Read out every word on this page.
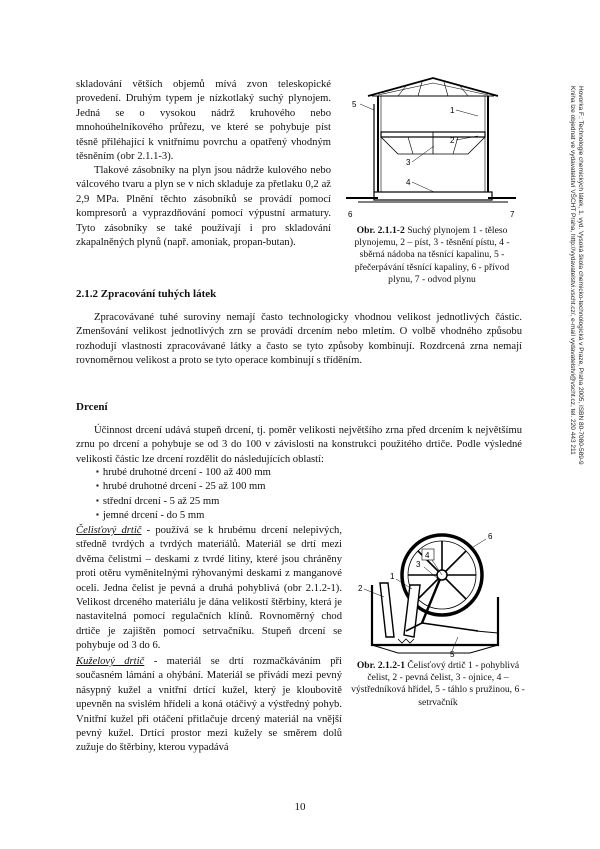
Hovorka F.: Technologie chemických látek, 1. vyd. Vysoká škola chemicko-technologická v Praze, Praha 2005, ISBN 80-7080-589-9
Kniha lze objednat ve vydavatelství VŠCHT Praha, http://vydavatelstvi.vscht.cz/, e-mail vydavatelstvi@vscht.cz, tel. 220 443 211

skladování větších objemů mívá zvon teleskopické provedení. Druhým typem je nízkotlaký suchý plynojem. Jedná se o vysokou nádrž kruhového nebo mnohoúhelníkového průřezu, ve které se pohybuje píst těsně přiléhající k vnitřnímu povrchu a opatřený vhodným těsněním (obr 2.1.1-3).

Tlakové zásobníky na plyn jsou nádrže kulového nebo válcového tvaru a plyn se v nich skladuje za přetlaku 0,2 až 2,9 MPa. Plnění těchto zásobníků se provádí pomocí kompresorů a vyprazdňování pomocí výpustní armatury. Tyto zásobníky se také používají i pro skladování zkapalněných plynů (např. amoniak, propan-butan).

5
1
2
3
4
6	7
Obr. 2.1.1-2 Suchý plynojem 1 - těleso plynojemu, 2 – píst, 3 - těsnění pístu, 4 - sběrná nádoba na těsnící kapalinu, 5 - přečerpávání těsnící kapaliny, 6 - přívod plynu, 7 - odvod plynu
2.1.2 Zpracování tuhých látek

Zpracovávané tuhé suroviny nemají často technologicky vhodnou velikost jednotlivých částic. Zmenšování velikost jednotlivých zrn se provádí drcením nebo mletím. O volbě vhodného způsobu rozhodují vlastnosti zpracovávané látky a často se tyto způsoby kombinují. Rozdrcená zrna nemají rovnoměrnou velikost a proto se tyto operace kombinují s tříděním.

Drcení

Účinnost drcení udává stupeň drcení, tj. poměr velikosti největšího zrna před drcením k největšímu zrnu po drcení a pohybuje se od 3 do 100 v závislosti na konstrukci použitého drtiče. Podle výsledné velikosti částic lze drcení rozdělit do následujících oblastí:

▪ hrubé druhotné drcení - 100 až 400 mm
▪ hrubé druhotné drcení - 25 až 100 mm
▪ střední drcení - 5 až 25 mm
▪ jemné drcení - do 5 mm

Čelisťový drtič - používá se k hrubému drcení nelepivých, středně tvrdých a tvrdých materiálů. Materiál se drtí mezi dvěma čelistmi – deskami z tvrdé litiny, které jsou chráněny proti otěru vyměnitelnými rýhovanými deskami z manganové oceli. Jedna čelist je pevná a druhá pohyblivá (obr 2.1.2-1). Velikost drceného materiálu je dána velikostí štěrbiny, která je nastavitelná pomocí regulačních klínů. Rovnoměrný chod drtiče je zajištěn pomocí setrvačníku. Stupeň drcení se pohybuje od 3 do 6.

Kuželový drtič - materiál se drtí rozmačkáváním při současném lámání a ohýbání. Materiál se přivádí mezi pevný násypný kužel a vnitřní drtící kužel, který je kloubovitě upevněn na svislém hřídeli a koná otáčivý a výstředný pohyb. Vnitřní kužel při otáčení přitlačuje drcený materiál na vnější pevný kužel. Drtící prostor mezi kužely se směrem dolů zužuje do štěrbiny, kterou vypadává

2
1
3
4
6
5
Obr. 2.1.2-1 Čelisťový drtič 1 - pohyblivá čelist, 2 - pevná čelist, 3 - ojnice, 4 – výstředníková hřídel, 5 - táhlo s pružinou, 6 - setrvačník
10
